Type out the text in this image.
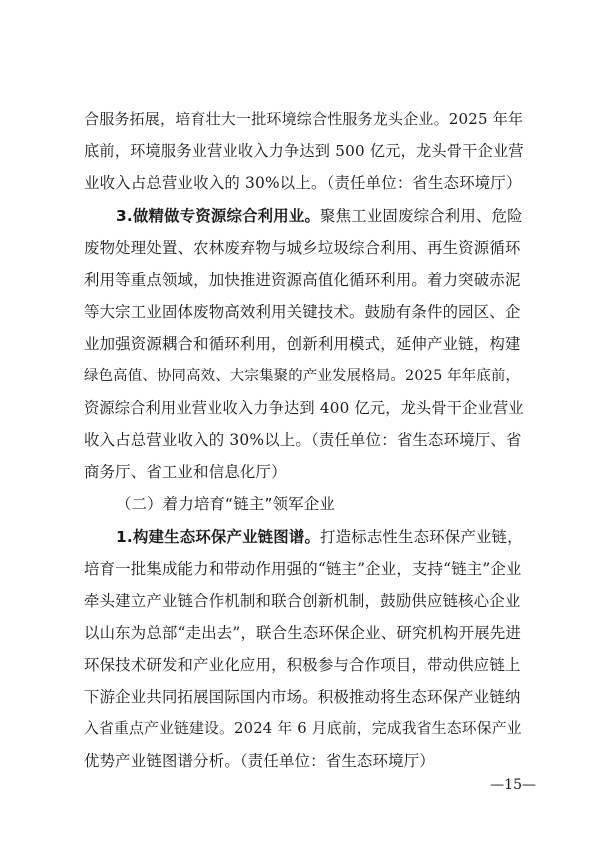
合服务拓展，培育壮大一批环境综合性服务龙头企业。2025 年年
底前，环境服务业营业收入力争达到 500 亿元，龙头骨干企业营
业收入占总营业收入的 30%以上。（责任单位：省生态环境厅）
3.做精做专资源综合利用业。聚焦工业固废综合利用、危险
废物处理处置、农林废弃物与城乡垃圾综合利用、再生资源循环
利用等重点领域，加快推进资源高值化循环利用。着力突破赤泥
等大宗工业固体废物高效利用关键技术。鼓励有条件的园区、企
业加强资源耦合和循环利用，创新利用模式，延伸产业链，构建
绿色高值、协同高效、大宗集聚的产业发展格局。2025 年年底前，
资源综合利用业营业收入力争达到 400 亿元，龙头骨干企业营业
收入占总营业收入的 30%以上。（责任单位：省生态环境厅、省
商务厅、省工业和信息化厅）
（二）着力培育“链主”领军企业
1.构建生态环保产业链图谱。打造标志性生态环保产业链，
培育一批集成能力和带动作用强的“链主”企业，支持“链主”企业
牵头建立产业链合作机制和联合创新机制，鼓励供应链核心企业
以山东为总部“走出去”，联合生态环保企业、研究机构开展先进
环保技术研发和产业化应用，积极参与合作项目，带动供应链上
下游企业共同拓展国际国内市场。积极推动将生态环保产业链纳
入省重点产业链建设。2024 年 6 月底前，完成我省生态环保产业
优势产业链图谱分析。（责任单位：省生态环境厅）
—15—
